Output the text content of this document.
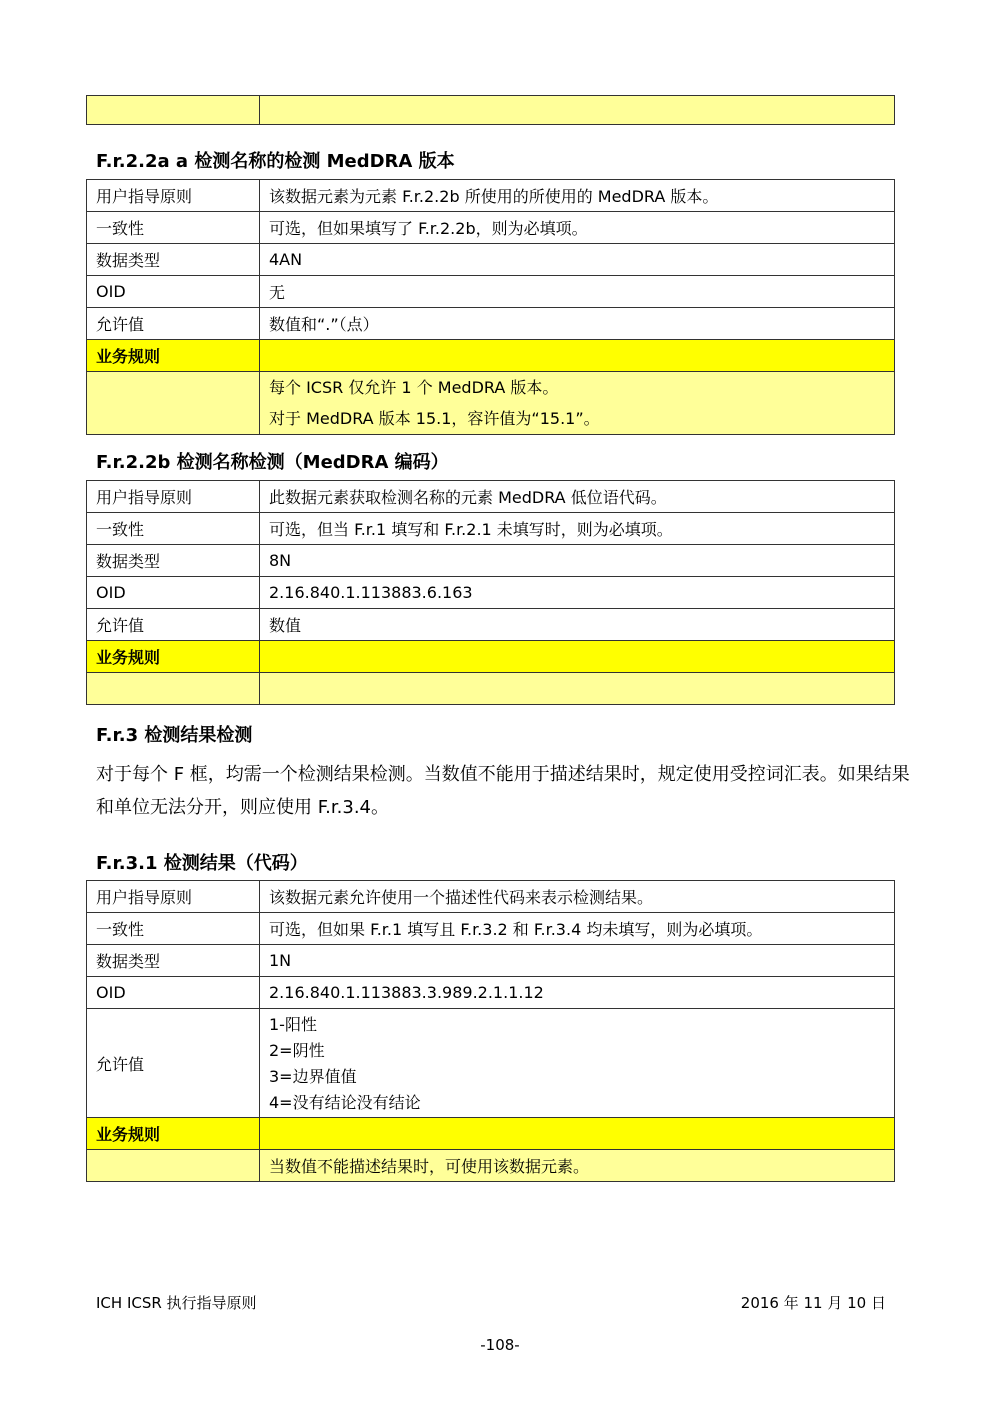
F.r.2.2a a 检测名称的检测 MedDRA 版本
用户指导原则	该数据元素为元素 F.r.2.2b 所使用的所使用的 MedDRA 版本。
一致性	可选，但如果填写了 F.r.2.2b，则为必填项。
数据类型	4AN
OID	无
允许值	数值和“.”（点）
业务规则	

	每个 ICSR 仅允许 1 个 MedDRA 版本。
对于 MedDRA 版本 15.1，容许值为“15.1”。
F.r.2.2b 检测名称检测（MedDRA 编码）
用户指导原则	此数据元素获取检测名称的元素 MedDRA 低位语代码。
一致性	可选，但当 F.r.1 填写和 F.r.2.1 未填写时，则为必填项。
数据类型	8N
OID	2.16.840.1.113883.6.163
允许值	数值
业务规则	

F.r.3 检测结果检测

对于每个 F 框，均需一个检测结果检测。当数值不能用于描述结果时，规定使用受控词汇表。如果结果和单位无法分开，则应使用 F.r.3.4。

F.r.3.1 检测结果（代码）
用户指导原则	该数据元素允许使用一个描述性代码来表示检测结果。
一致性	可选，但如果 F.r.1 填写且 F.r.3.2 和 F.r.3.4 均未填写，则为必填项。
数据类型	1N
OID	2.16.840.1.113883.3.989.2.1.1.12
允许值	1-阳性
2=阴性
3=边界值值
4=没有结论没有结论

业务规则	
	当数值不能描述结果时，可使用该数据元素。
ICH ICSR 执行指导原则	2016 年 11 月 10 日
-108-
